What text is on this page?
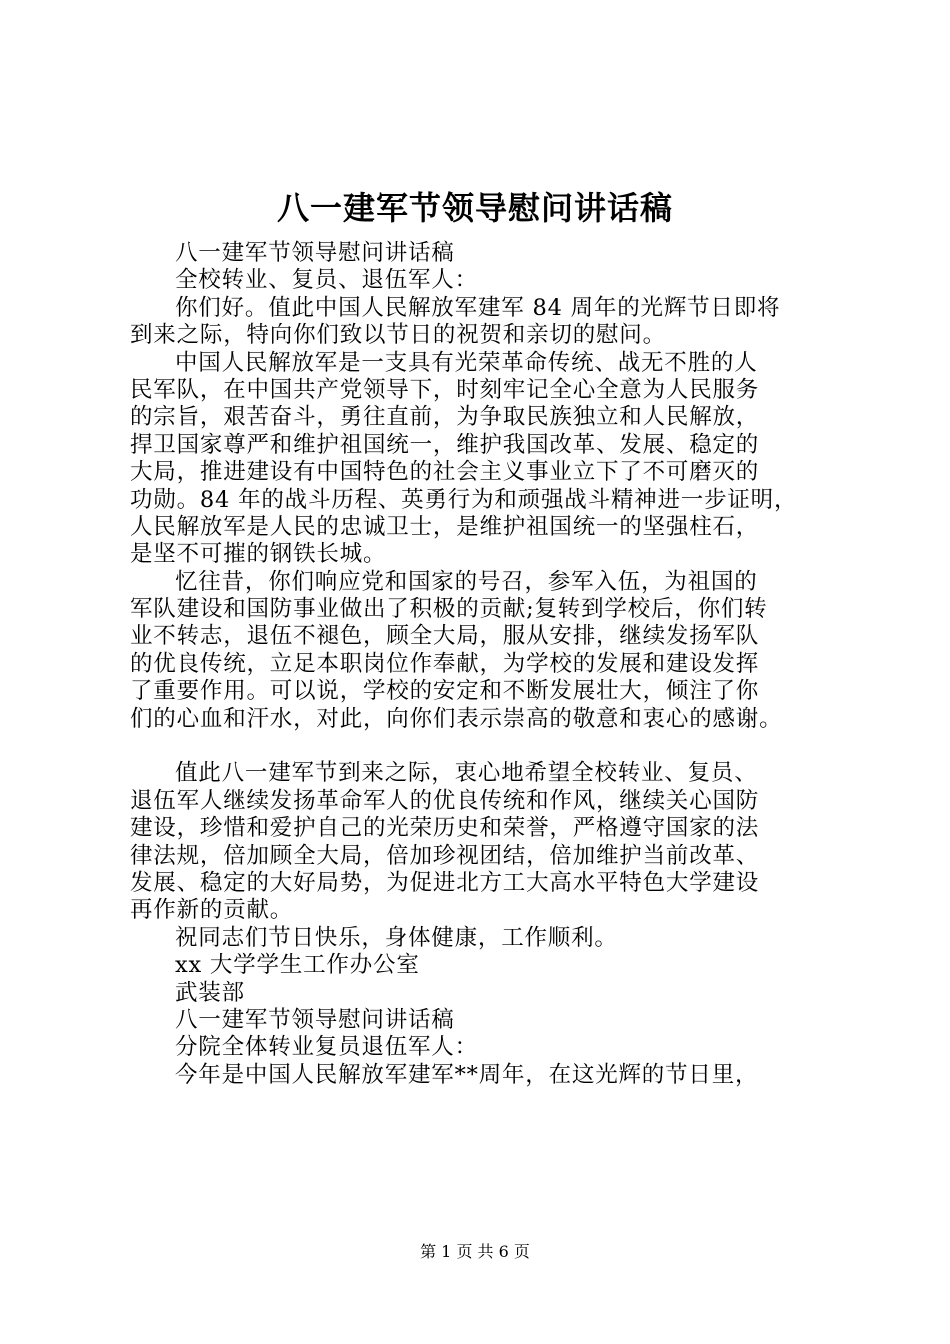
八一建军节领导慰问讲话稿
八一建军节领导慰问讲话稿
全校转业、复员、退伍军人：
你们好。值此中国人民解放军建军 84 周年的光辉节日即将
到来之际，特向你们致以节日的祝贺和亲切的慰问。
中国人民解放军是一支具有光荣革命传统、战无不胜的人
民军队，在中国共产党领导下，时刻牢记全心全意为人民服务
的宗旨，艰苦奋斗，勇往直前，为争取民族独立和人民解放，
捍卫国家尊严和维护祖国统一，维护我国改革、发展、稳定的
大局，推进建设有中国特色的社会主义事业立下了不可磨灭的
功勋。84 年的战斗历程、英勇行为和顽强战斗精神进一步证明，
人民解放军是人民的忠诚卫士，是维护祖国统一的坚强柱石，
是坚不可摧的钢铁长城。
忆往昔，你们响应党和国家的号召，参军入伍，为祖国的
军队建设和国防事业做出了积极的贡献;复转到学校后，你们转
业不转志，退伍不褪色，顾全大局，服从安排，继续发扬军队
的优良传统，立足本职岗位作奉献，为学校的发展和建设发挥
了重要作用。可以说，学校的安定和不断发展壮大，倾注了你
们的心血和汗水，对此，向你们表示崇高的敬意和衷心的感谢。
值此八一建军节到来之际，衷心地希望全校转业、复员、
退伍军人继续发扬革命军人的优良传统和作风，继续关心国防
建设，珍惜和爱护自己的光荣历史和荣誉，严格遵守国家的法
律法规，倍加顾全大局，倍加珍视团结，倍加维护当前改革、
发展、稳定的大好局势，为促进北方工大高水平特色大学建设
再作新的贡献。
祝同志们节日快乐，身体健康，工作顺利。
xx 大学学生工作办公室
武装部
八一建军节领导慰问讲话稿
分院全体转业复员退伍军人：
今年是中国人民解放军建军**周年，在这光辉的节日里，
第 1 页 共 6 页
